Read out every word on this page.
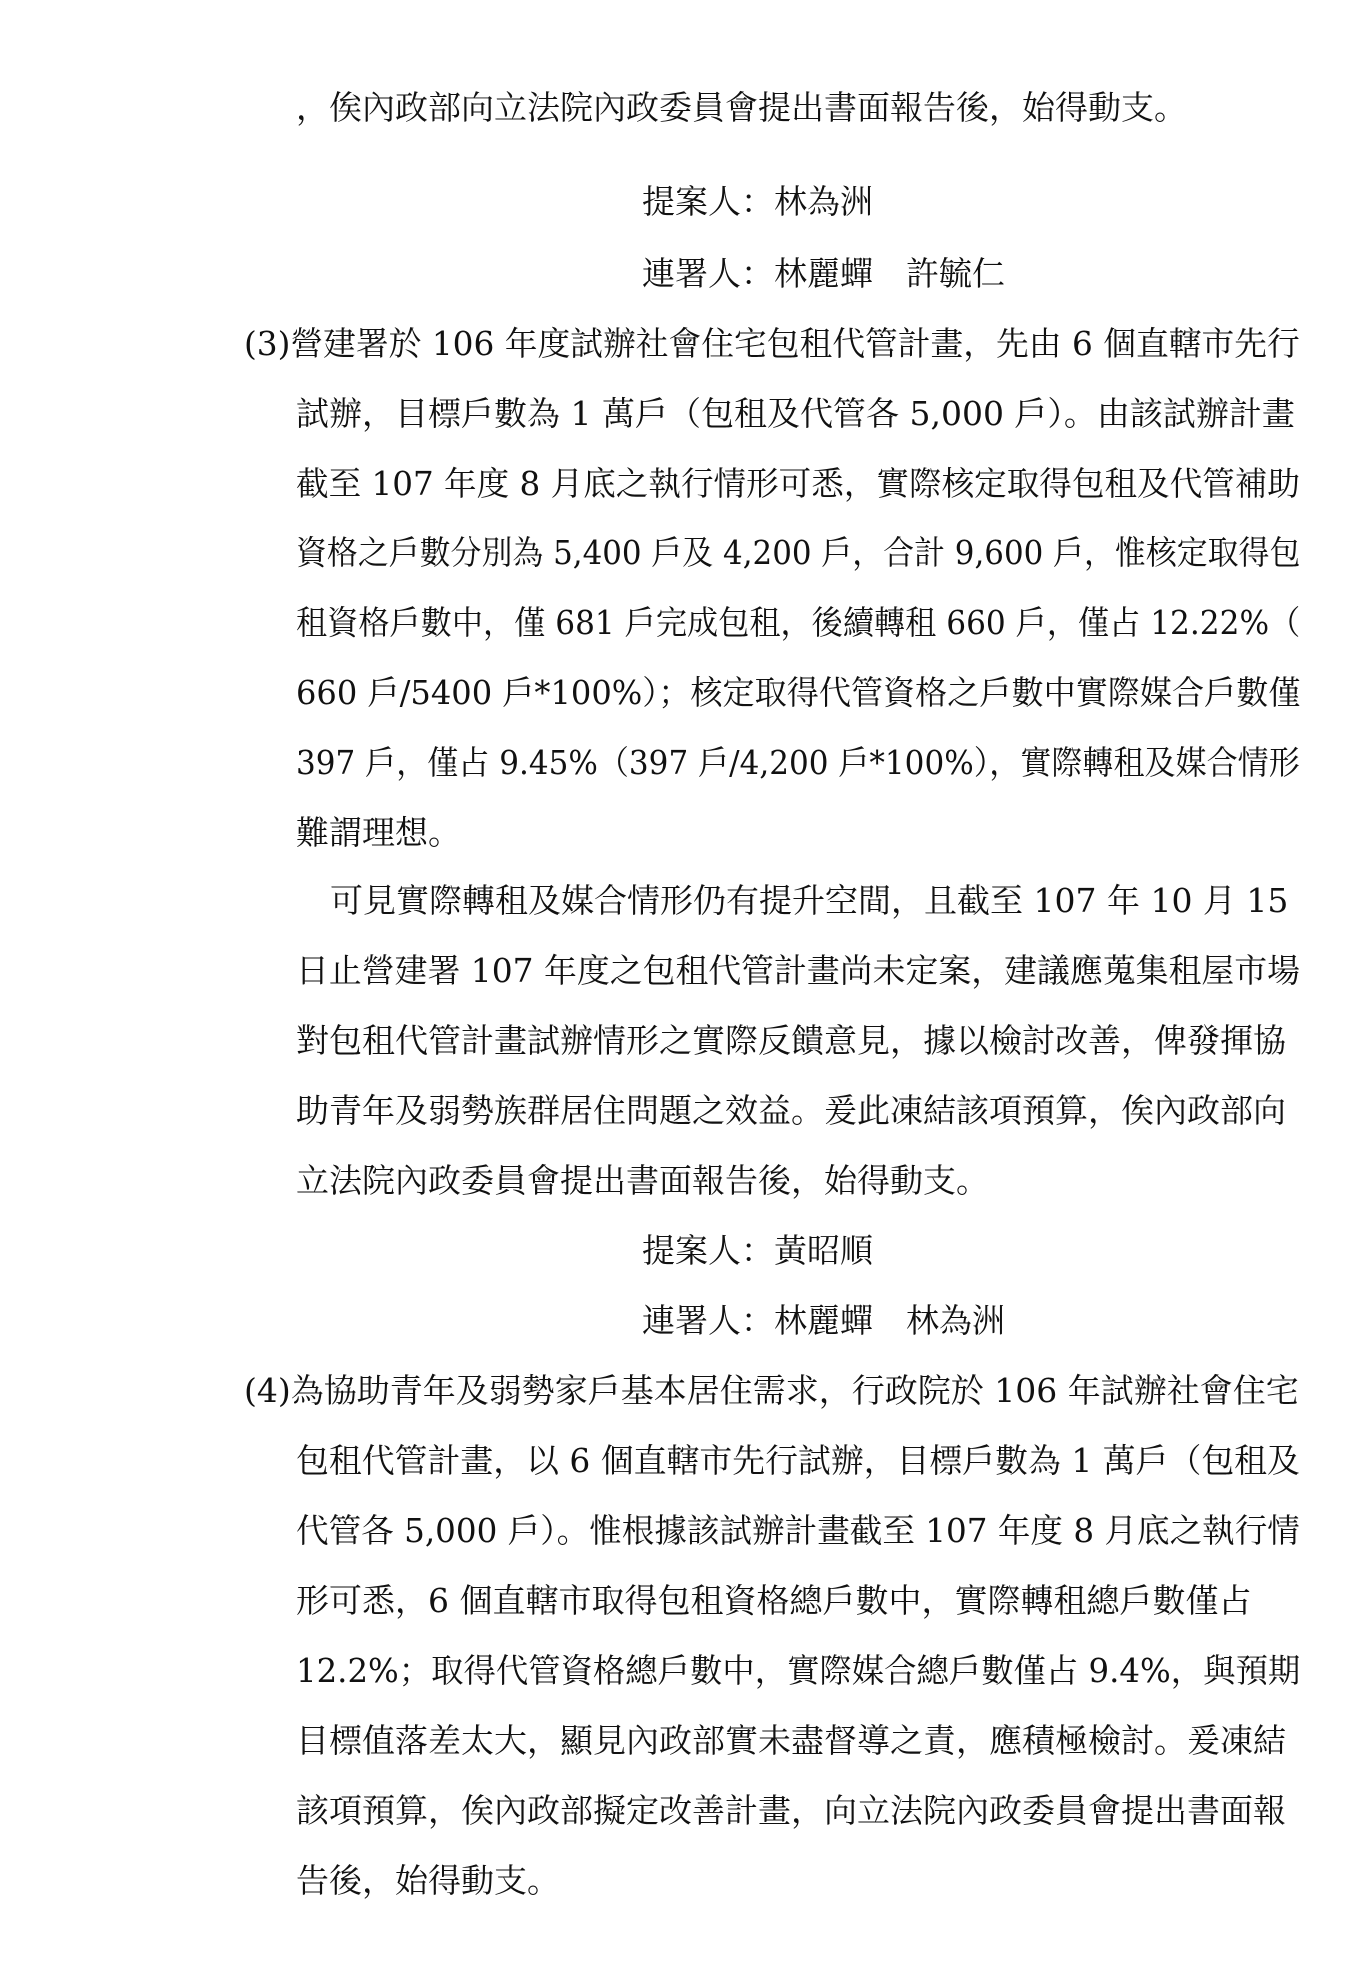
，俟內政部向立法院內政委員會提出書面報告後，始得動支。
提案人：林為洲
連署人：林麗蟬　許毓仁
(3)營建署於 106 年度試辦社會住宅包租代管計畫，先由 6 個直轄市先行
試辦，目標戶數為 1 萬戶（包租及代管各 5,000 戶）。由該試辦計畫
截至 107 年度 8 月底之執行情形可悉，實際核定取得包租及代管補助
資格之戶數分別為 5,400 戶及 4,200 戶，合計 9,600 戶，惟核定取得包
租資格戶數中，僅 681 戶完成包租，後續轉租 660 戶，僅占 12.22%（
660 戶/5400 戶*100%）；核定取得代管資格之戶數中實際媒合戶數僅
397 戶，僅占 9.45%（397 戶/4,200 戶*100%），實際轉租及媒合情形
難謂理想。
可見實際轉租及媒合情形仍有提升空間，且截至 107 年 10 月 15
日止營建署 107 年度之包租代管計畫尚未定案，建議應蒐集租屋市場
對包租代管計畫試辦情形之實際反饋意見，據以檢討改善，俾發揮協
助青年及弱勢族群居住問題之效益。爰此凍結該項預算，俟內政部向
立法院內政委員會提出書面報告後，始得動支。
提案人：黃昭順
連署人：林麗蟬　林為洲
(4)為協助青年及弱勢家戶基本居住需求，行政院於 106 年試辦社會住宅
包租代管計畫，以 6 個直轄市先行試辦，目標戶數為 1 萬戶（包租及
代管各 5,000 戶）。惟根據該試辦計畫截至 107 年度 8 月底之執行情
形可悉，6 個直轄市取得包租資格總戶數中，實際轉租總戶數僅占
12.2%；取得代管資格總戶數中，實際媒合總戶數僅占 9.4%，與預期
目標值落差太大，顯見內政部實未盡督導之責，應積極檢討。爰凍結
該項預算，俟內政部擬定改善計畫，向立法院內政委員會提出書面報
告後，始得動支。
